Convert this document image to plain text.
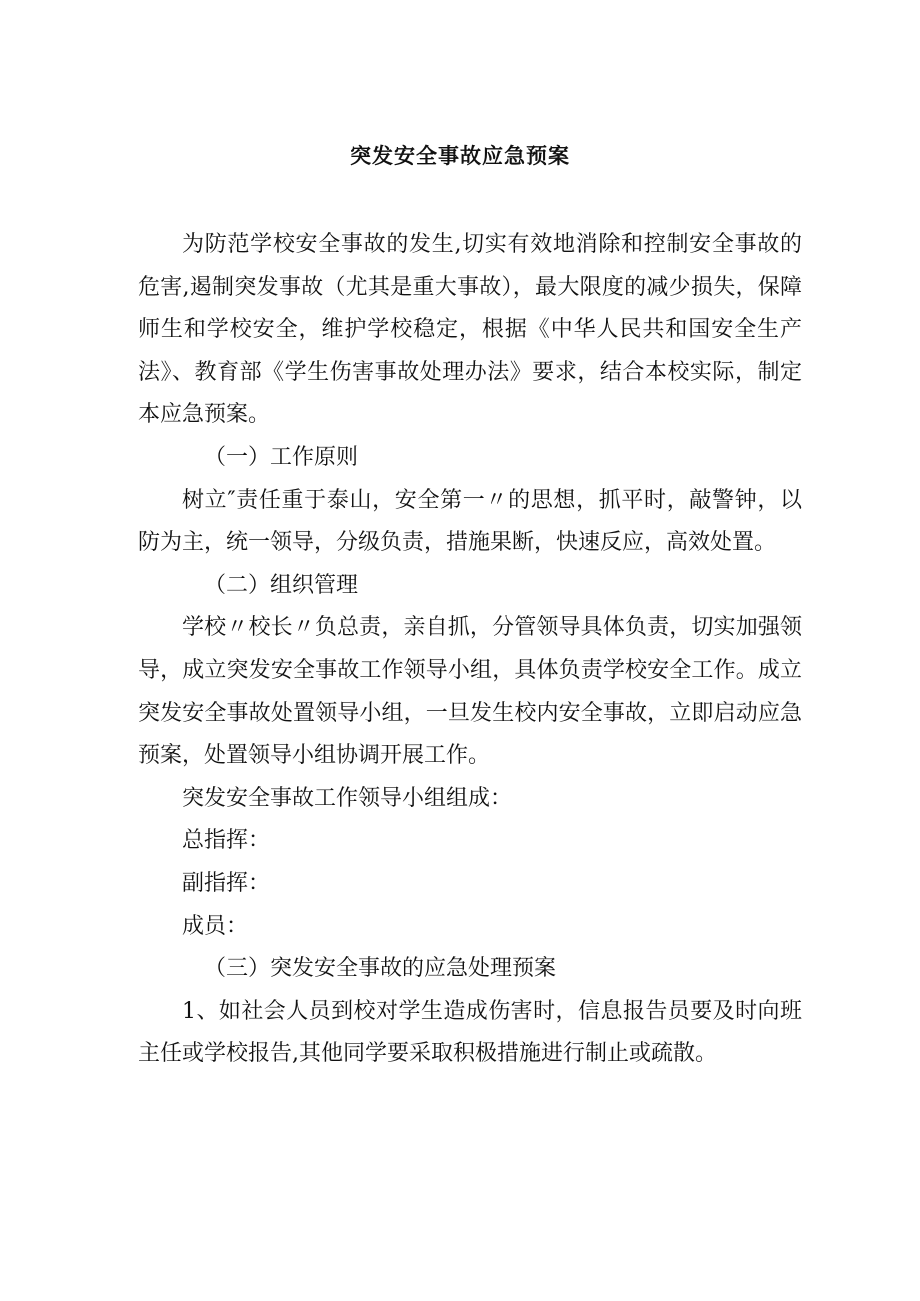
突发安全事故应急预案

为防范学校安全事故的发生,切实有效地消除和控制安全事故的危害,遏制突发事故（尤其是重大事故），最大限度的减少损失，保障师生和学校安全，维护学校稳定，根据《中华人民共和国安全生产法》、教育部《学生伤害事故处理办法》要求，结合本校实际，制定本应急预案。

（一）工作原则

树立″责任重于泰山，安全第一〃的思想，抓平时，敲警钟，以防为主，统一领导，分级负责，措施果断，快速反应，高效处置。

（二）组织管理

学校〃校长〃负总责，亲自抓，分管领导具体负责，切实加强领导，成立突发安全事故工作领导小组，具体负责学校安全工作。成立突发安全事故处置领导小组，一旦发生校内安全事故，立即启动应急预案，处置领导小组协调开展工作。

突发安全事故工作领导小组组成：

总指挥：

副指挥：

成员：

（三）突发安全事故的应急处理预案

1、如社会人员到校对学生造成伤害时，信息报告员要及时向班主任或学校报告,其他同学要采取积极措施进行制止或疏散。
